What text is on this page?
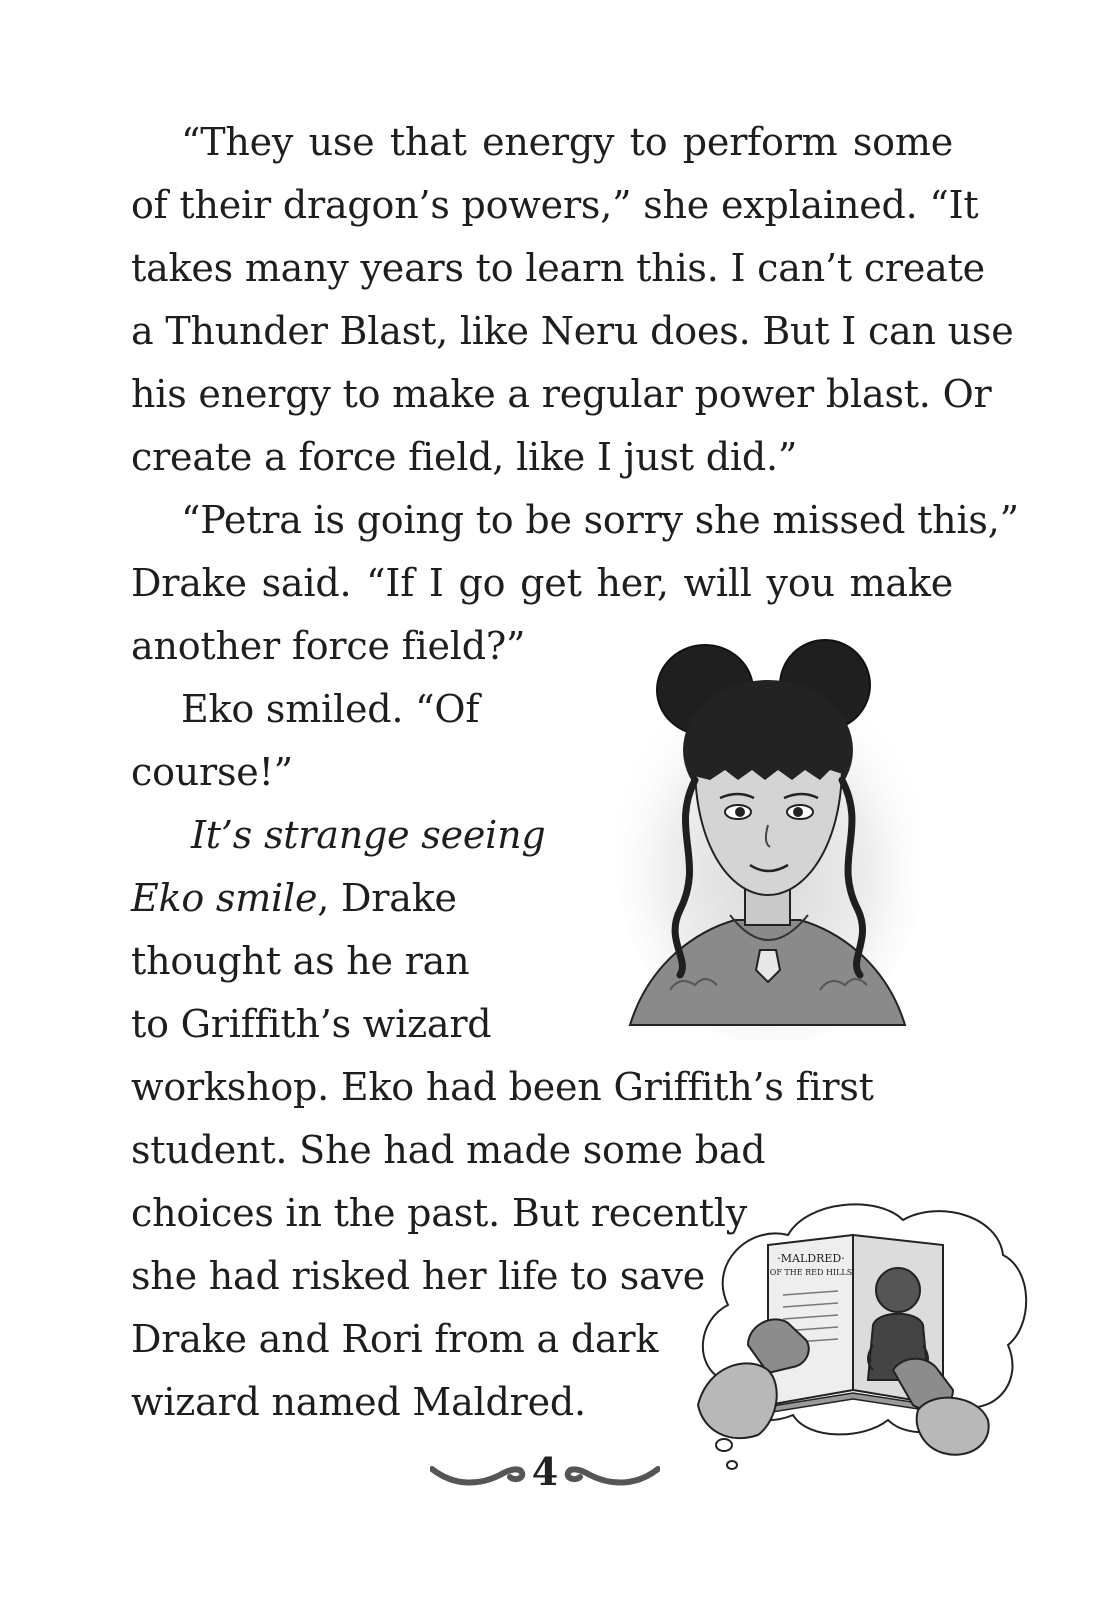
“They use that energy to perform some
of their dragon’s powers,” she explained. “It
takes many years to learn this. I can’t create
a Thunder Blast, like Neru does. But I can use
his energy to make a regular power blast. Or
create a force field, like I just did.”
“Petra is going to be sorry she missed this,”
Drake said. “If I go get her, will you make
another force field?”
Eko smiled. “Of
course!”
It’s strange seeing
Eko smile, Drake
thought as he ran
to Griffith’s wizard
workshop. Eko had been Griffith’s first
student. She had made some bad
choices in the past. But recently
she had risked her life to save
Drake and Rori from a dark
wizard named Maldred.
·MALDRED·
OF THE RED HILLS
4
